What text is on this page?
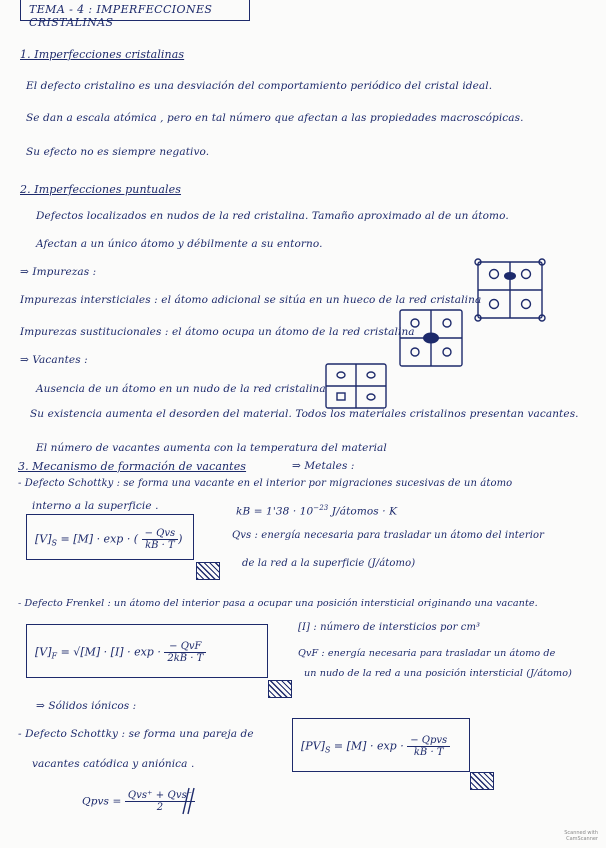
TEMA - 4 : IMPERFECCIONES CRISTALINAS
1. Imperfecciones cristalinas
El defecto cristalino es una desviación del comportamiento periódico del cristal ideal.
Se dan a escala atómica , pero en tal número que afectan a las propiedades macroscópicas.
Su efecto no es siempre negativo.
2. Imperfecciones puntuales
Defectos localizados en nudos de la red cristalina. Tamaño aproximado al de un átomo.
Afectan a un único átomo y débilmente a su entorno.
⇒ Impurezas :
Impurezas intersticiales : el átomo adicional se sitúa en un hueco de la red cristalina
Impurezas sustitucionales : el átomo ocupa un átomo de la red cristalina
⇒ Vacantes :
Ausencia de un átomo en un nudo de la red cristalina
Su existencia aumenta el desorden del material. Todos los materiales cristalinos presentan vacantes.
El número de vacantes aumenta con la temperatura del material
3. Mecanismo de formación de vacantes	⇒ Metales :
- Defecto Schottky : se forma una vacante en el interior por migraciones sucesivas de un átomo
interno a la superficie .
$[V]_S = [M] \cdot \exp$ · ( $\frac{\text{− Qvs}}{kB \cdot T}$ )
kB = $1'38 \cdot 10^{-23}$ J/átomos · K
Qvs : energía necesaria para trasladar un átomo del interior
de la red a la superficie (J/átomo)
- Defecto Frenkel : un átomo del interior pasa a ocupar una posición intersticial originando una vacante.
$[V]_F = √[M] \cdot [I] \cdot \exp \cdot \frac{\text{− QvF}}{2kB \cdot T}$
[I] : número de intersticios por cm³
QvF : energía necesaria para trasladar un átomo de
un nudo de la red a una posición intersticial (J/átomo)
⇒ Sólidos iónicos :
- Defecto Schottky : se forma una pareja de
vacantes catódica y aniónica .
$[PV]_S = [M] \cdot \exp \cdot \frac{\text{− Qpvs}}{kB \cdot T}$
Qpvs = $\frac{\text{Qvs⁺ + Qvs⁻}}{2}$
Scanned with
CamScanner
